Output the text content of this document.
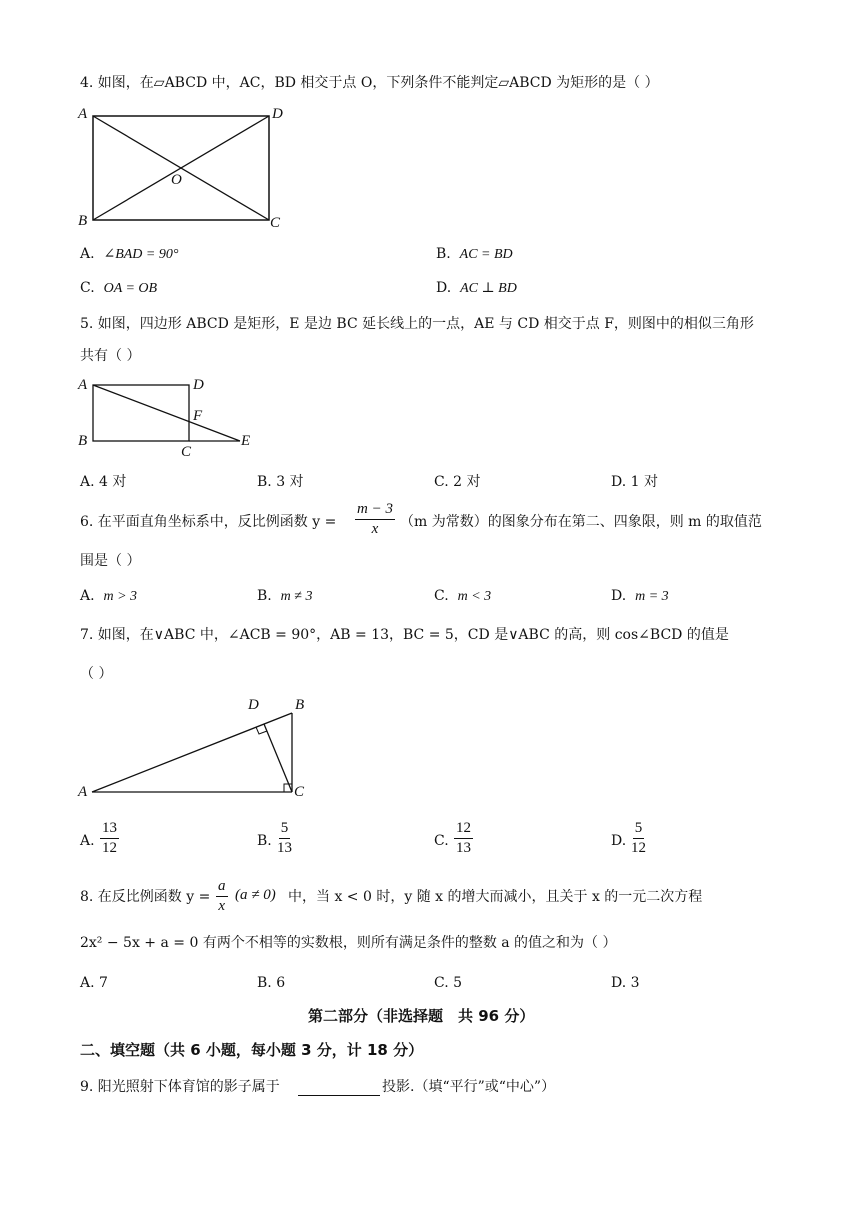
4. 如图，在▱ABCD 中，AC，BD 相交于点 O，下列条件不能判定▱ABCD 为矩形的是（ ）
A	D
O
B	C
A. ∠BAD = 90°	B. AC = BD
C. OA = OB	D. AC ⊥ BD
5. 如图，四边形 ABCD 是矩形，E 是边 BC 延长线上的一点，AE 与 CD 相交于点 F，则图中的相似三角形
共有（ ）
A	D
F
B
C
E
A. 4 对	B. 3 对	C. 2 对	D. 1 对
6. 在平面直角坐标系中，反比例函数 $y = \frac{m - 3}{x} (m$ 为常数）的图象分布在第二、四象限，则 m 的取值范
围是（ ）
A. m > 3	B. m ≠ 3	C. m < 3	D. m = 3
7. 如图，在∨ABC 中，∠ACB = 90°，AB = 13，BC = 5，CD 是∨ABC 的高，则 cos∠BCD 的值是
（ ）
D B
A	C
A. $\frac{13}{12}$	B. $\frac{5}{13}$	C. $\frac{12}{13}$	D. $\frac{5}{12}$
8. 在反比例函数 $y = \frac{a}{x} (a \ne 0)$ 中，当 x < 0 时，y 随 x 的增大而减小，且关于 x 的一元二次方程
2x² − 5x + a = 0 有两个不相等的实数根，则所有满足条件的整数 a 的值之和为（ ）
A. 7	B. 6	C. 5	D. 3
第二部分（非选择题　共 96 分）
二、填空题（共 6 小题，每小题 3 分，计 18 分）
9. 阳光照射下体育馆的影子属于	投影.（填“平行”或“中心”）
